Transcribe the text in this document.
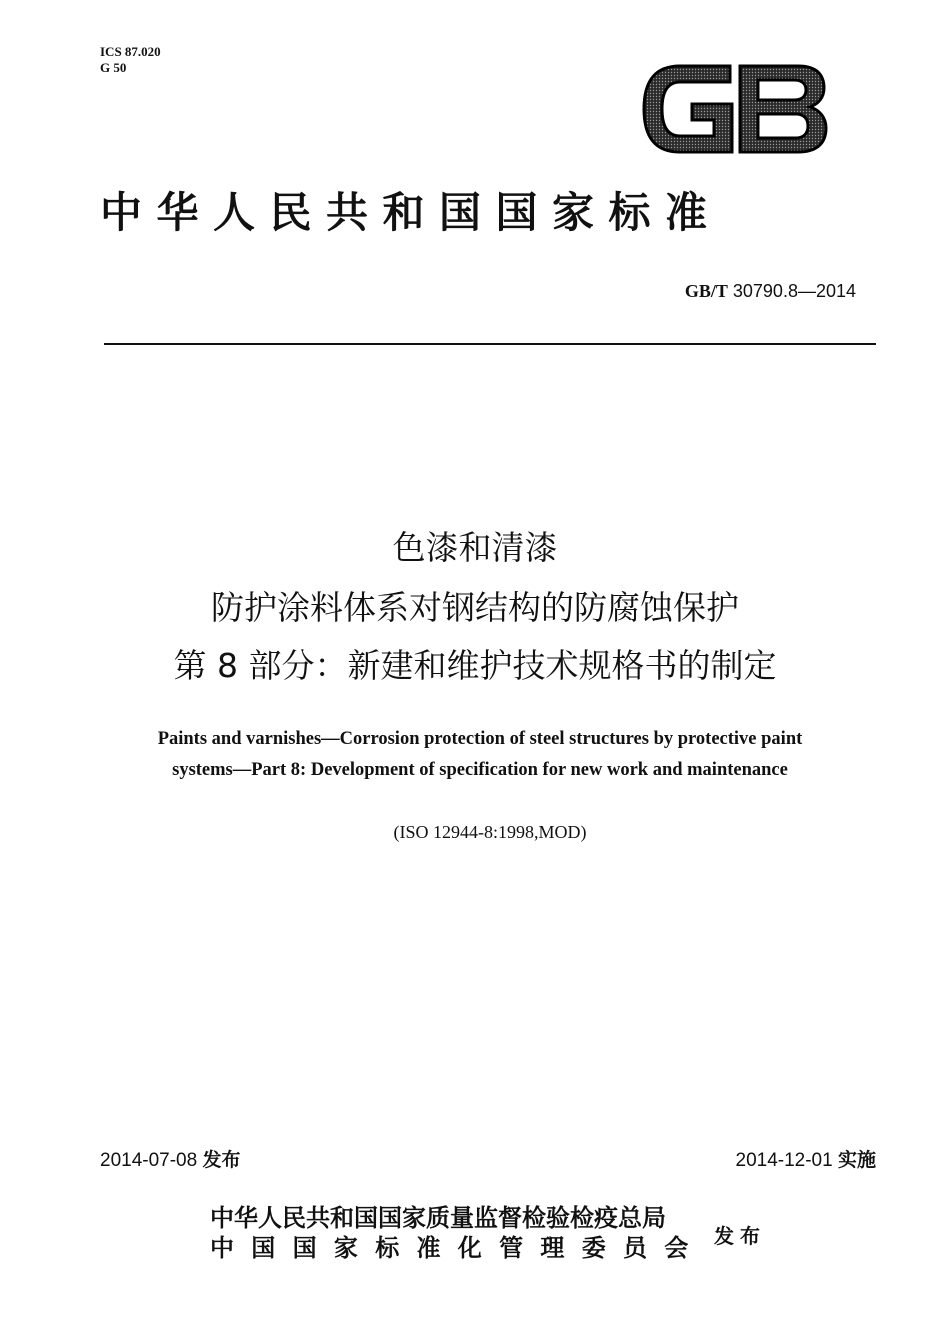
ICS 87.020
G 50
中华人民共和国国家标准
GB/T 30790.8—2014
色漆和清漆
防护涂料体系对钢结构的防腐蚀保护
第 8 部分：新建和维护技术规格书的制定
Paints and varnishes—Corrosion protection of steel structures by protective paint
systems—Part 8: Development of specification for new work and maintenance
(ISO 12944-8:1998,MOD)
2014-07-08 发布	2014-12-01 实施
中华人民共和国国家质量监督检验检疫总局
中国国家标准化管理委员会 发布
